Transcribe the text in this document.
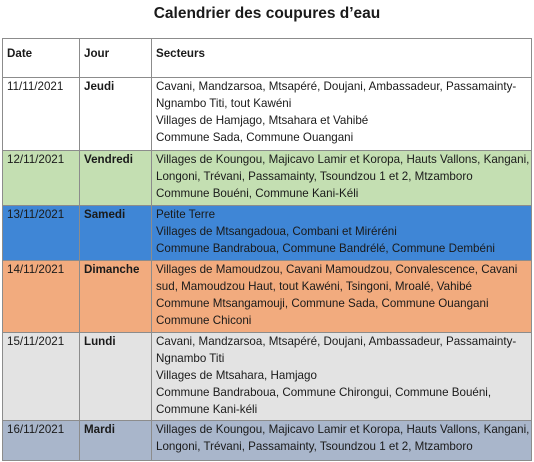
Calendrier des coupures d’eau
Date	Jour	Secteurs
11/11/2021	Jeudi	Cavani, Mandzarsoa, Mtsapéré, Doujani, Ambassadeur, Passamainty-
Ngnambo Titi, tout Kawéni
Villages de Hamjago, Mtsahara et Vahibé
Commune Sada, Commune Ouangani

12/11/2021	Vendredi	Villages de Koungou, Majicavo Lamir et Koropa, Hauts Vallons, Kangani,
Longoni, Trévani, Passamainty, Tsoundzou 1 et 2, Mtzamboro
Commune Bouéni, Commune Kani-Kéli

13/11/2021	Samedi	Petite Terre
Villages de Mtsangadoua, Combani et Miréréni
Commune Bandraboua, Commune Bandrélé, Commune Dembéni

14/11/2021	Dimanche	Villages de Mamoudzou, Cavani Mamoudzou, Convalescence, Cavani
sud, Mamoudzou Haut, tout Kawéni, Tsingoni, Mroalé, Vahibé
Commune Mtsangamouji, Commune Sada, Commune Ouangani
Commune Chiconi

15/11/2021	Lundi	Cavani, Mandzarsoa, Mtsapéré, Doujani, Ambassadeur, Passamainty-
Ngnambo Titi
Villages de Mtsahara, Hamjago
Commune Bandraboua, Commune Chirongui, Commune Bouéni,
Commune Kani-kéli

16/11/2021	Mardi	Villages de Koungou, Majicavo Lamir et Koropa, Hauts Vallons, Kangani,
Longoni, Trévani, Passamainty, Tsoundzou 1 et 2, Mtzamboro
